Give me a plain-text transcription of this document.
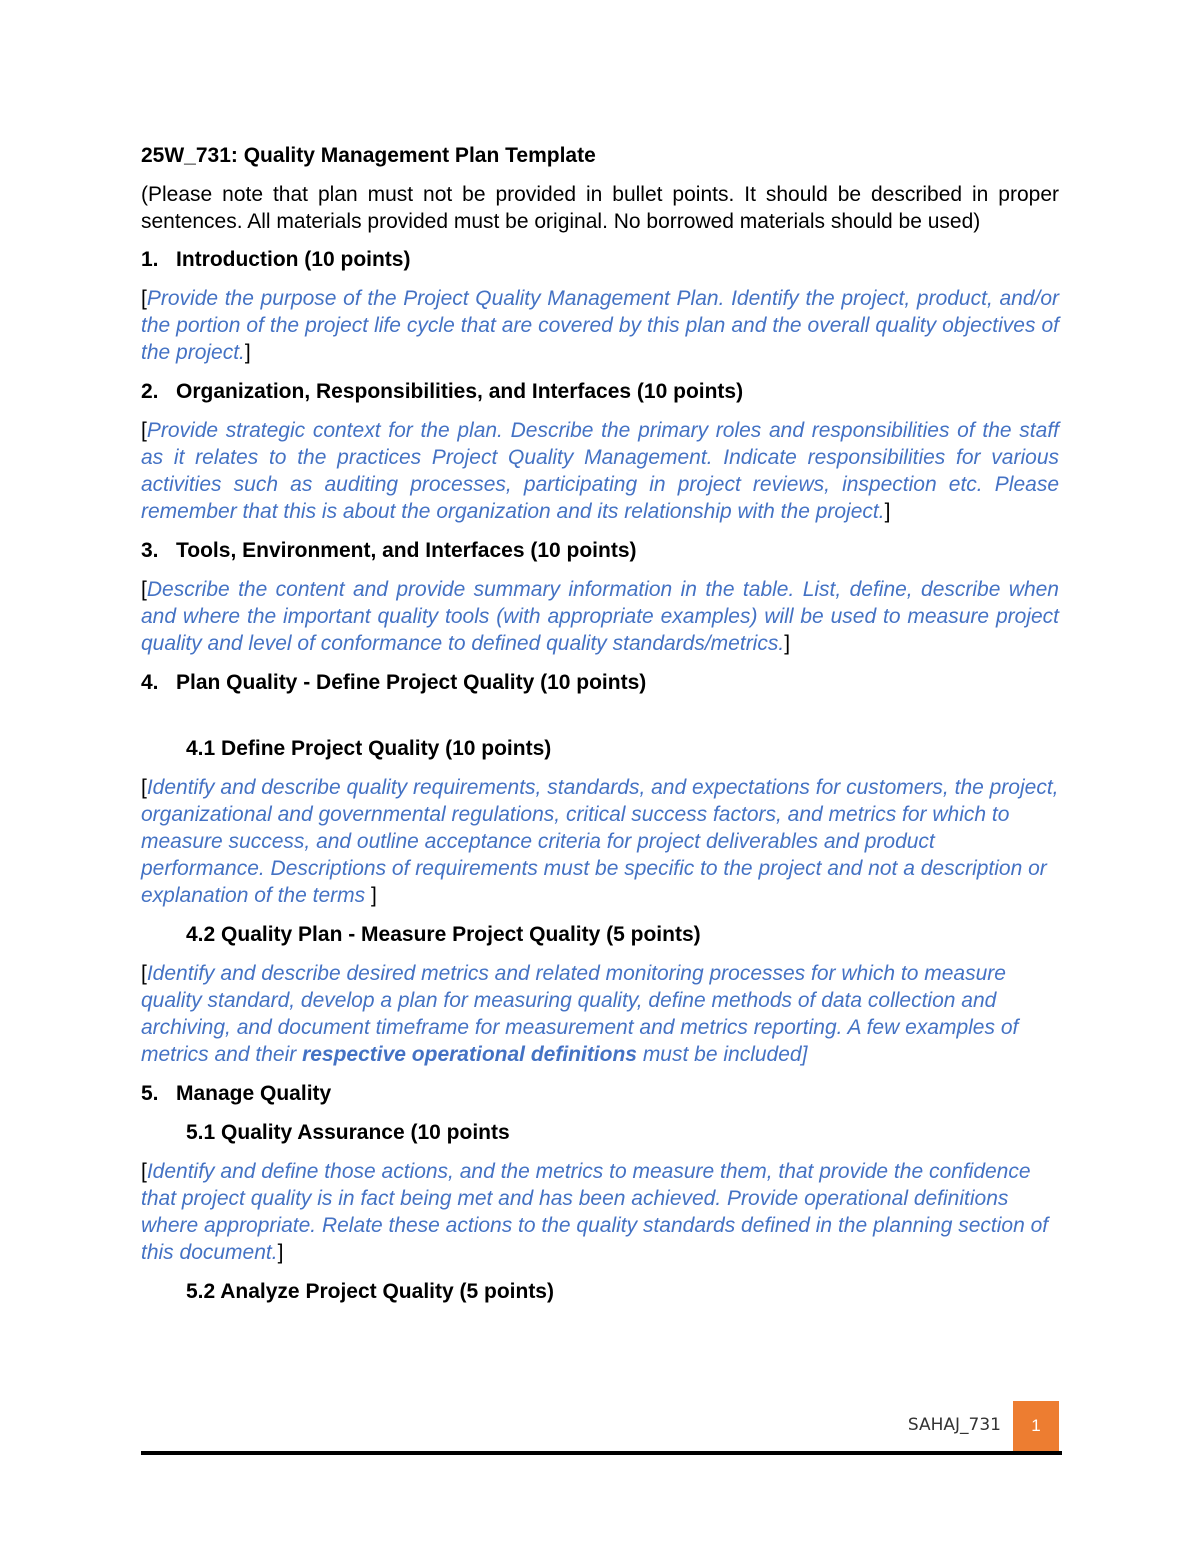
25W_731: Quality Management Plan Template
(Please note that plan must not be provided in bullet points. It should be described in proper sentences. All materials provided must be original. No borrowed materials should be used)
1. Introduction (10 points)
[Provide the purpose of the Project Quality Management Plan. Identify the project, product, and/or the portion of the project life cycle that are covered by this plan and the overall quality objectives of the project.]
2. Organization, Responsibilities, and Interfaces (10 points)
[Provide strategic context for the plan. Describe the primary roles and responsibilities of the staff as it relates to the practices Project Quality Management. Indicate responsibilities for various activities such as auditing processes, participating in project reviews, inspection etc. Please remember that this is about the organization and its relationship with the project.]
3. Tools, Environment, and Interfaces (10 points)
[Describe the content and provide summary information in the table. List, define, describe when and where the important quality tools (with appropriate examples) will be used to measure project quality and level of conformance to defined quality standards/metrics.]
4. Plan Quality - Define Project Quality (10 points)
4.1 Define Project Quality (10 points)
[Identify and describe quality requirements, standards, and expectations for customers, the project, organizational and governmental regulations, critical success factors, and metrics for which to measure success, and outline acceptance criteria for project deliverables and product performance. Descriptions of requirements must be specific to the project and not a description or explanation of the terms ]
4.2 Quality Plan - Measure Project Quality (5 points)
[Identify and describe desired metrics and related monitoring processes for which to measure quality standard, develop a plan for measuring quality, define methods of data collection and archiving, and document timeframe for measurement and metrics reporting. A few examples of metrics and their respective operational definitions must be included]
5. Manage Quality
5.1 Quality Assurance (10 points
[Identify and define those actions, and the metrics to measure them, that provide the confidence that project quality is in fact being met and has been achieved. Provide operational definitions where appropriate. Relate these actions to the quality standards defined in the planning section of this document.]
5.2 Analyze Project Quality (5 points)
SAHAJ_731 1
